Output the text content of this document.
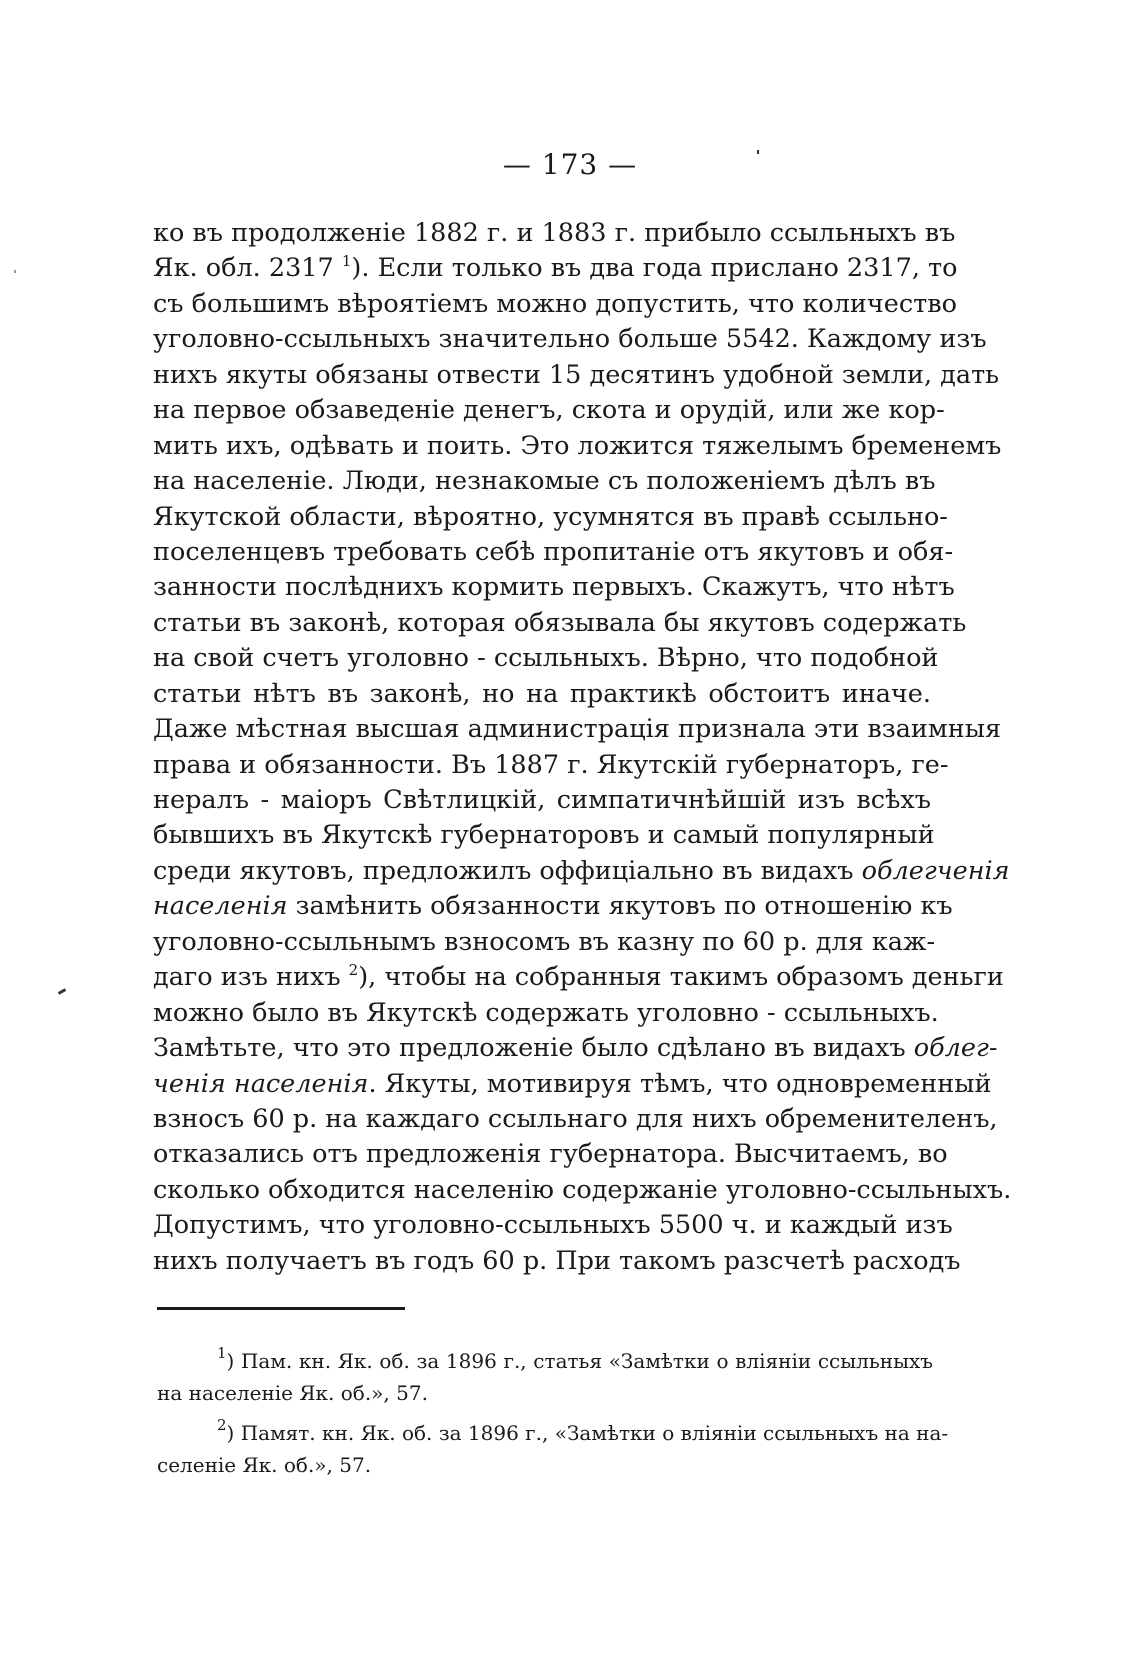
— 173 —
ко въ продолженіе 1882 г. и 1883 г. прибыло ссыльныхъ въ
Як. обл. 2317 $^1$). Если только въ два года прислано 2317, то
съ большимъ вѣроятіемъ можно допустить, что количество
уголовно-ссыльныхъ значительно больше 5542. Каждому изъ
нихъ якуты обязаны отвести 15 десятинъ удобной земли, дать
на первое обзаведеніе денегъ, скота и орудій, или же кор-
мить ихъ, одѣвать и поить. Это ложится тяжелымъ бременемъ
на населеніе. Люди, незнакомые съ положеніемъ дѣлъ въ
Якутской области, вѣроятно, усумнятся въ правѣ ссыльно-
поселенцевъ требовать себѣ пропитаніе отъ якутовъ и обя-
занности послѣднихъ кормить первыхъ. Скажутъ, что нѣтъ
статьи въ законѣ, которая обязывала бы якутовъ содержать
на свой счетъ уголовно - ссыльныхъ. Вѣрно, что подобной
статьи нѣтъ въ законѣ, но на практикѣ обстоитъ иначе.
Даже мѣстная высшая администрація признала эти взаимныя
права и обязанности. Въ 1887 г. Якутскій губернаторъ, ге-
нералъ - маіоръ Свѣтлицкій, симпатичнѣйшій изъ всѣхъ
бывшихъ въ Якутскѣ губернаторовъ и самый популярный
среди якутовъ, предложилъ оффиціально въ видахъ облегченія
населенія замѣнить обязанности якутовъ по отношенію къ
уголовно-ссыльнымъ взносомъ въ казну по 60 р. для каж-
даго изъ нихъ $^2$), чтобы на собранныя такимъ образомъ деньги
можно было въ Якутскѣ содержать уголовно - ссыльныхъ.
Замѣтьте, что это предложеніе было сдѣлано въ видахъ облег-
ченія населенія. Якуты, мотивируя тѣмъ, что одновременный
взносъ 60 р. на каждаго ссыльнаго для нихъ обременителенъ,
отказались отъ предложенія губернатора. Высчитаемъ, во
сколько обходится населенію содержаніе уголовно-ссыльныхъ.
Допустимъ, что уголовно-ссыльныхъ 5500 ч. и каждый изъ
нихъ получаетъ въ годъ 60 р. При такомъ разсчетѣ расходъ
$^1$) Пам. кн. Як. об. за 1896 г., статья «Замѣтки о вліяніи ссыльныхъ
на населеніе Як. об.», 57.
$^2$) Памят. кн. Як. об. за 1896 г., «Замѣтки о вліяніи ссыльныхъ на на-
селеніе Як. об.», 57.
